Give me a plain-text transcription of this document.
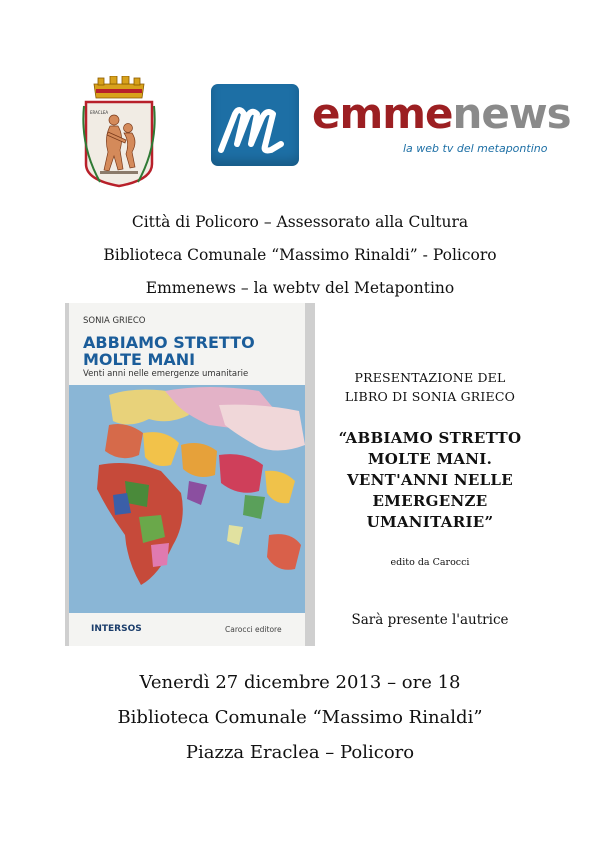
ERACLEA	emmenews
la web tv del metapontino
Città di Policoro – Assessorato alla Cultura
Biblioteca Comunale “Massimo Rinaldi” - Policoro
Emmenews – la webtv del Metapontino
SONIA GRIECO
ABBIAMO STRETTO
MOLTE MANI
Venti anni nelle emergenze umanitarie
INTERSOS	Carocci editore
PRESENTAZIONE DEL
LIBRO DI SONIA GRIECO
“ABBIAMO STRETTO
MOLTE MANI.
VENT'ANNI NELLE
EMERGENZE
UMANITARIE”
edito da Carocci
Sarà presente l'autrice
Venerdì 27 dicembre 2013 – ore 18
Biblioteca Comunale “Massimo Rinaldi”
Piazza Eraclea – Policoro
